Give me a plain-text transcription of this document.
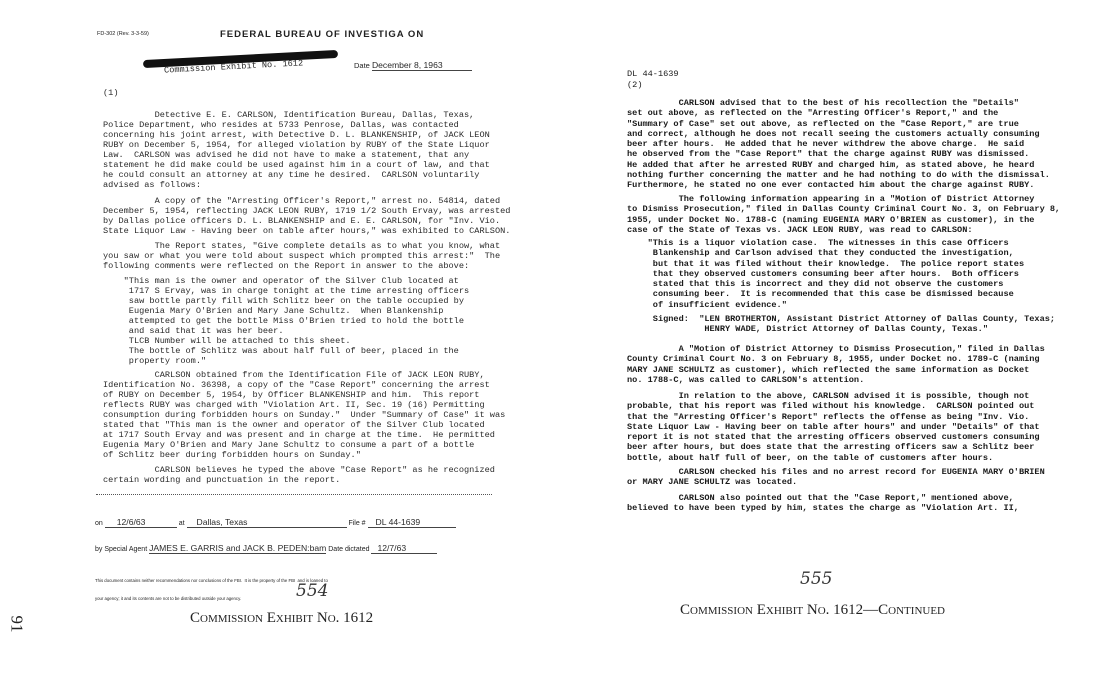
91
FD-302 (Rev. 3-3-59)	FEDERAL BUREAU OF INVESTIGA ON
Commission Exhibit No. 1612	Date December 8, 1963
(1)
Detective E. E. CARLSON, Identification Bureau, Dallas, Texas,
Police Department, who resides at 5733 Penrose, Dallas, was contacted
concerning his joint arrest, with Detective D. L. BLANKENSHIP, of JACK LEON
RUBY on December 5, 1954, for alleged violation by RUBY of the State Liquor
Law.  CARLSON was advised he did not have to make a statement, that any
statement he did make could be used against him in a court of law, and that
he could consult an attorney at any time he desired.  CARLSON voluntarily
advised as follows:
A copy of the "Arresting Officer's Report," arrest no. 54814, dated
December 5, 1954, reflecting JACK LEON RUBY, 1719 1/2 South Ervay, was arrested
by Dallas police officers D. L. BLANKENSHIP and E. E. CARLSON, for "Inv. Vio.
State Liquor Law - Having beer on table after hours," was exhibited to CARLSON.
The Report states, "Give complete details as to what you know, what
you saw or what you were told about suspect which prompted this arrest:"  The
following comments were reflected on the Report in answer to the above:
"This man is the owner and operator of the Silver Club located at
1717 S Ervay, was in charge tonight at the time arresting officers
saw bottle partly fill with Schlitz beer on the table occupied by
Eugenia Mary O'Brien and Mary Jane Schultz.  When Blankenship
attempted to get the bottle Miss O'Brien tried to hold the bottle
and said that it was her beer.
TLCB Number will be attached to this sheet.
The bottle of Schlitz was about half full of beer, placed in the
property room."
CARLSON obtained from the Identification File of JACK LEON RUBY,
Identification No. 36398, a copy of the "Case Report" concerning the arrest
of RUBY on December 5, 1954, by Officer BLANKENSHIP and him.  This report
reflects RUBY was charged with "Violation Art. II, Sec. 19 (16) Permitting
consumption during forbidden hours on Sunday."  Under "Summary of Case" it was
stated that "This man is the owner and operator of the Silver Club located
at 1717 South Ervay and was present and in charge at the time.  He permitted
Eugenia Mary O'Brien and Mary Jane Schultz to consume a part of a bottle
of Schlitz beer during forbidden hours on Sunday."
CARLSON believes he typed the above "Case Report" as he recognized
certain wording and punctuation in the report.
on 12/6/63	at Dallas, Texas	File # DL 44-1639
by Special Agent JAMES E. GARRIS and JACK B. PEDEN:bam Date dictated 12/7/63

This document contains neither recommendations nor conclusions of the FBI.  It is the property of the FBI  and is loaned to

your agency; it and its contents are not to be distributed outside your agency.

	554
Commission Exhibit No. 1612
DL 44-1639
(2)
CARLSON advised that to the best of his recollection the "Details"
set out above, as reflected on the "Arresting Officer's Report," and the
"Summary of Case" set out above, as reflected on the "Case Report," are true
and correct, although he does not recall seeing the customers actually consuming
beer after hours.  He added that he never withdrew the above charge.  He said
he observed from the "Case Report" that the charge against RUBY was dismissed.
He added that after he arrested RUBY and charged him, as stated above, he heard
nothing further concerning the matter and he had nothing to do with the dismissal.
Furthermore, he stated no one ever contacted him about the charge against RUBY.
The following information appearing in a "Motion of District Attorney
to Dismiss Prosecution," filed in Dallas County Criminal Court No. 3, on February 8,
1955, under Docket No. 1788-C (naming EUGENIA MARY O'BRIEN as customer), in the
case of the State of Texas vs. JACK LEON RUBY, was read to CARLSON:
"This is a liquor violation case.  The witnesses in this case Officers
Blankenship and Carlson advised that they conducted the investigation,
but that it was filed without their knowledge.  The police report states
that they observed customers consuming beer after hours.  Both officers
stated that this is incorrect and they did not observe the customers
consuming beer.  It is recommended that this case be dismissed because
of insufficient evidence."
Signed:  "LEN BROTHERTON, Assistant District Attorney of Dallas County, Texas;
HENRY WADE, District Attorney of Dallas County, Texas."
A "Motion of District Attorney to Dismiss Prosecution," filed in Dallas
County Criminal Court No. 3 on February 8, 1955, under Docket no. 1789-C (naming
MARY JANE SCHULTZ as customer), which reflected the same information as Docket
no. 1788-C, was called to CARLSON's attention.
In relation to the above, CARLSON advised it is possible, though not
probable, that his report was filed without his knowledge.  CARLSON pointed out
that the "Arresting Officer's Report" reflects the offense as being "Inv. Vio.
State Liquor Law - Having beer on table after hours" and under "Details" of that
report it is not stated that the arresting officers observed customers consuming
beer after hours, but does state that the arresting officers saw a Schlitz beer
bottle, about half full of beer, on the table of customers after hours.
CARLSON checked his files and no arrest record for EUGENIA MARY O'BRIEN
or MARY JANE SCHULTZ was located.
CARLSON also pointed out that the "Case Report," mentioned above,
believed to have been typed by him, states the charge as "Violation Art. II,
555
Commission Exhibit No. 1612—Continued
